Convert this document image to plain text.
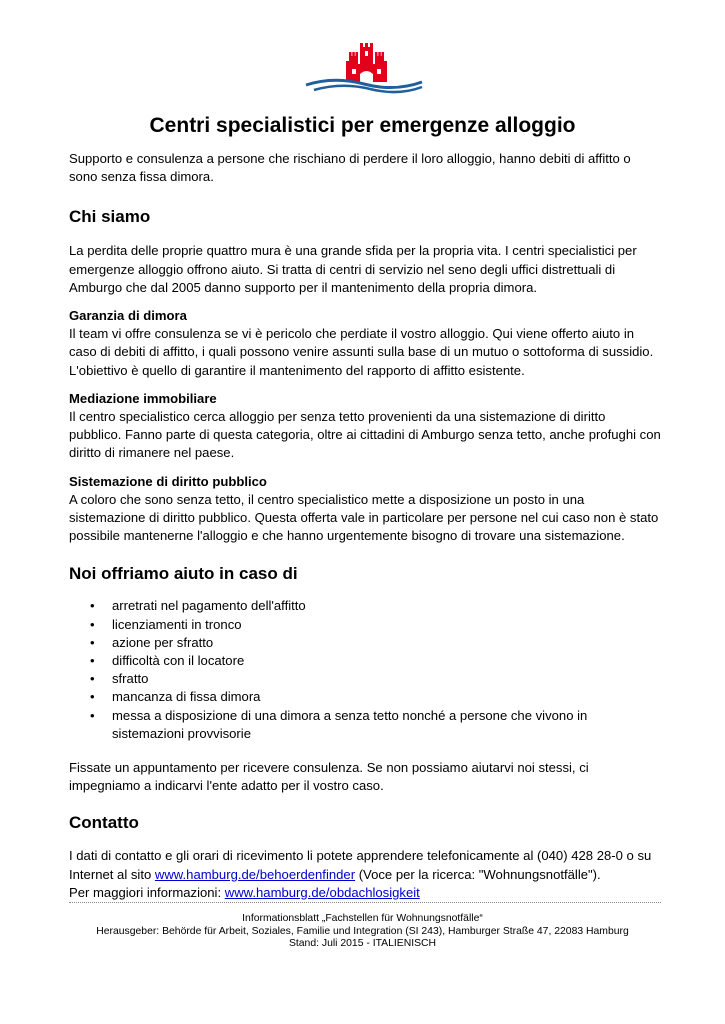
Centri specialistici per emergenze alloggio

Supporto e consulenza a persone che rischiano di perdere il loro alloggio, hanno debiti di affitto o sono senza fissa dimora.

Chi siamo

La perdita delle proprie quattro mura è una grande sfida per la propria vita. I centri specialistici per emergenze alloggio offrono aiuto. Si tratta di centri di servizio nel seno degli uffici distrettuali di Amburgo che dal 2005 danno supporto per il mantenimento della propria dimora.

Garanzia di dimora

Il team vi offre consulenza se vi è pericolo che perdiate il vostro alloggio. Qui viene offerto aiuto in caso di debiti di affitto, i quali possono venire assunti sulla base di un mutuo o sottoforma di sussidio. L'obiettivo è quello di garantire il mantenimento del rapporto di affitto esistente.

Mediazione immobiliare

Il centro specialistico cerca alloggio per senza tetto provenienti da una sistemazione di diritto pubblico. Fanno parte di questa categoria, oltre ai cittadini di Amburgo senza tetto, anche profughi con diritto di rimanere nel paese.

Sistemazione di diritto pubblico

A coloro che sono senza tetto, il centro specialistico mette a disposizione un posto in una sistemazione di diritto pubblico. Questa offerta vale in particolare per persone nel cui caso non è stato possibile mantenerne l'alloggio e che hanno urgentemente bisogno di trovare una sistemazione.

Noi offriamo aiuto in caso di
• arretrati nel pagamento dell'affitto
• licenziamenti in tronco
• azione per sfratto
• difficoltà con il locatore
• sfratto
• mancanza di fissa dimora
• messa a disposizione di una dimora a senza tetto nonché a persone che vivono in sistemazioni provvisorie

Fissate un appuntamento per ricevere consulenza. Se non possiamo aiutarvi noi stessi, ci impegniamo a indicarvi l'ente adatto per il vostro caso.

Contatto

I dati di contatto e gli orari di ricevimento li potete apprendere telefonicamente al (040) 428 28-0 o su Internet al sito www.hamburg.de/behoerdenfinder (Voce per la ricerca: "Wohnungsnotfälle").
Per maggiori informazioni: www.hamburg.de/obdachlosigkeit

Informationsblatt „Fachstellen für Wohnungsnotfälle“
Herausgeber: Behörde für Arbeit, Soziales, Familie und Integration (SI 243), Hamburger Straße 47, 22083 Hamburg
Stand: Juli 2015 - ITALIENISCH
